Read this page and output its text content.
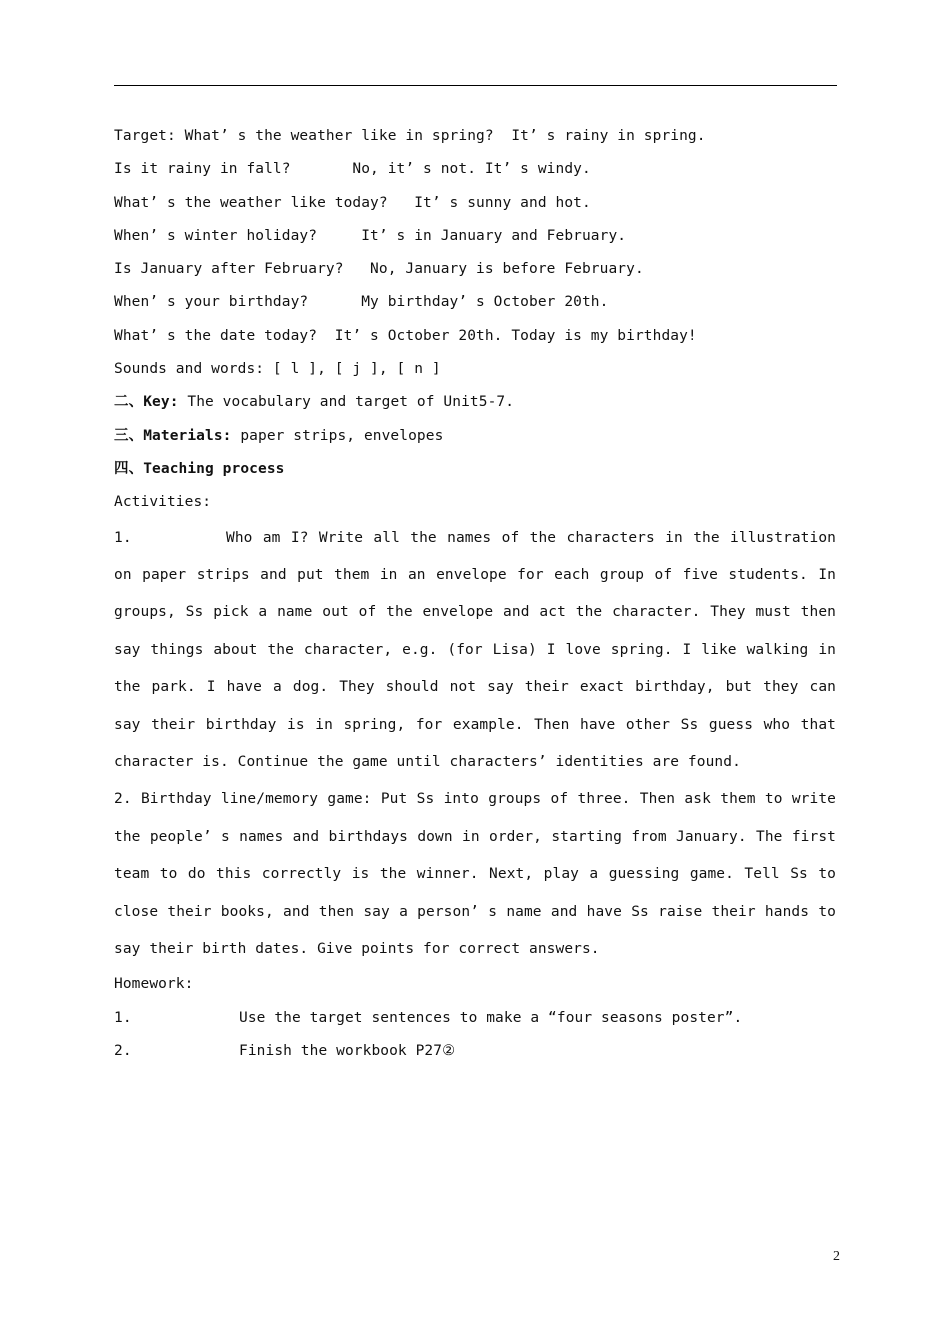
Target: What’ s the weather like in spring?  It’ s rainy in spring.
Is it rainy in fall?       No, it’ s not. It’ s windy.
What’ s the weather like today?   It’ s sunny and hot.
When’ s winter holiday?     It’ s in January and February.
Is January after February?   No, January is before February.
When’ s your birthday?      My birthday’ s October 20th.
What’ s the date today?  It’ s October 20th. Today is my birthday!
Sounds and words: [ l ], [ j ], [ n ]
二、Key: The vocabulary and target of Unit5-7.
三、Materials: paper strips, envelopes
四、Teaching process
Activities:
1.	Who am I? Write all the names of the characters in the illustration on paper strips and put them in an envelope for each group of five students. In groups, Ss pick a name out of the envelope and act the character. They must then say things about the character, e.g. (for Lisa) I love spring. I like walking in the park. I have a dog. They should not say their exact birthday, but they can say their birthday is in spring, for example. Then have other Ss guess who that character is. Continue the game until characters’ identities are found.
2. Birthday line/memory game: Put Ss into groups of three. Then ask them to write the people’ s names and birthdays down in order, starting from January. The first team to do this correctly is the winner. Next, play a guessing game. Tell Ss to close their books, and then say a person’ s name and have Ss raise their hands to say their birth dates. Give points for correct answers.
Homework:
1.	Use the target sentences to make a “four seasons poster”.
2.	Finish the workbook P27②
2
